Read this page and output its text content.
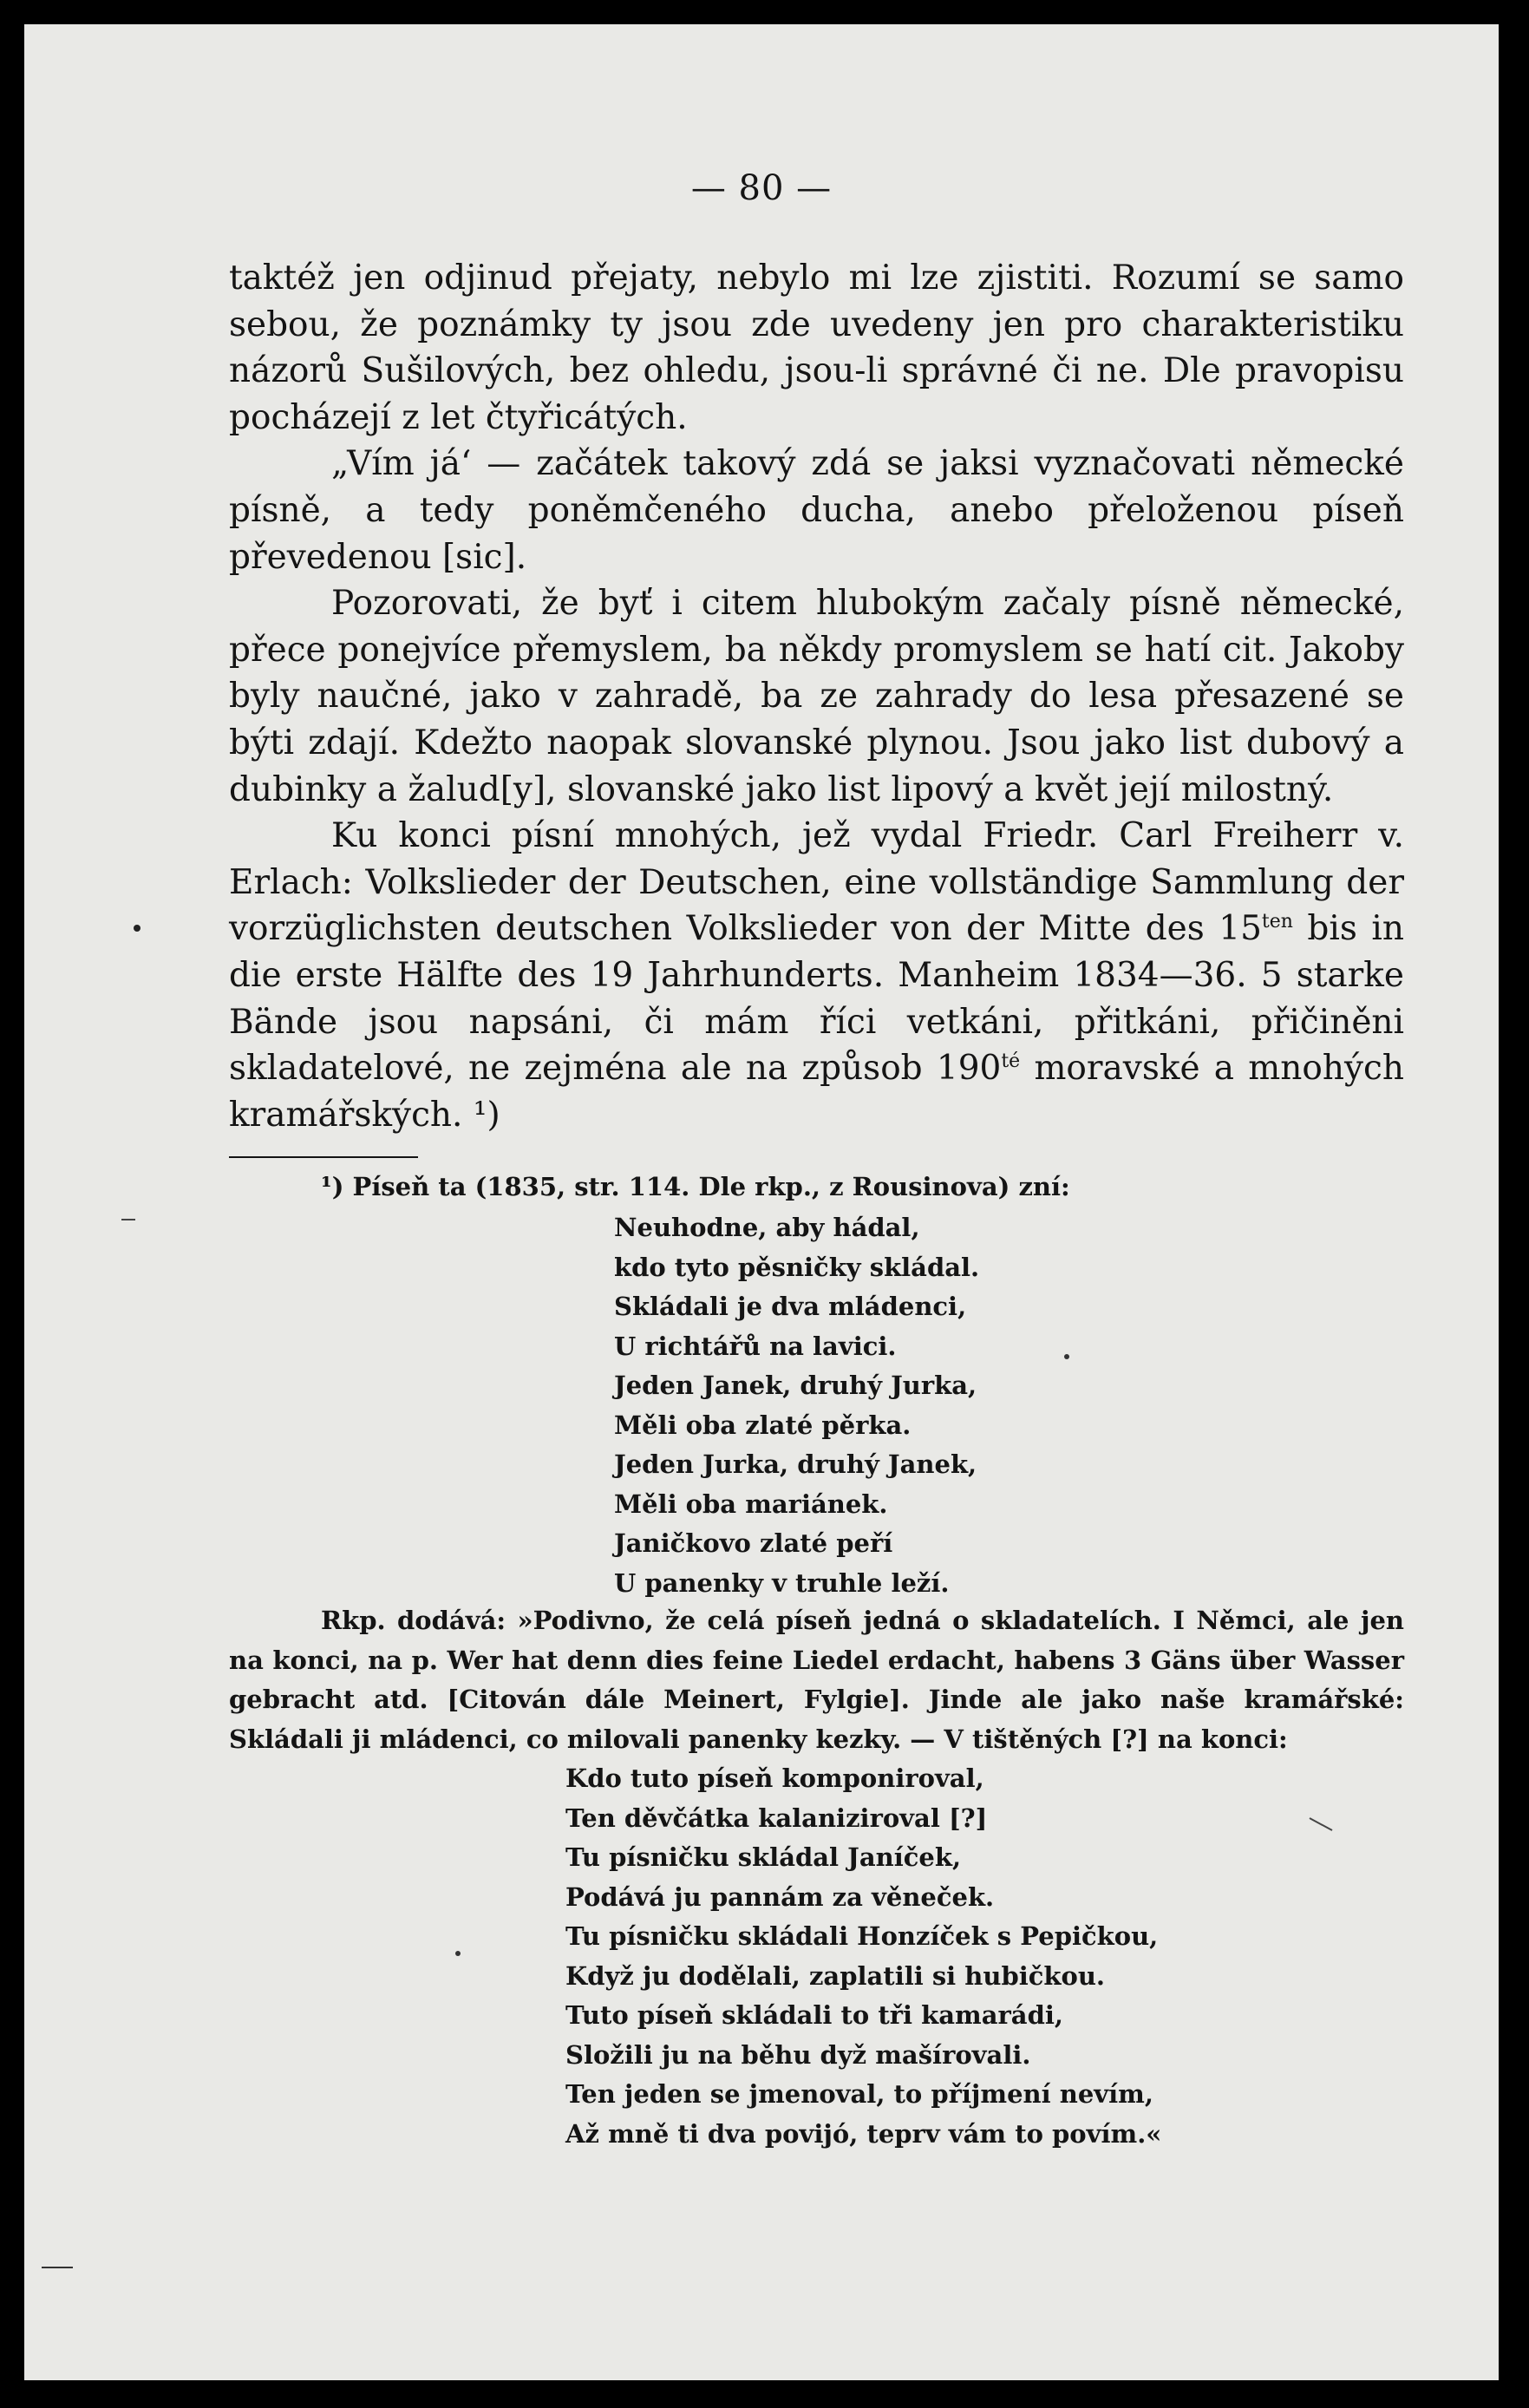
— 80 —

taktéž jen odjinud přejaty, nebylo mi lze zjistiti. Rozumí se samo sebou, že poznámky ty jsou zde uvedeny jen pro charakteristiku názorů Sušilových, bez ohledu, jsou-li správné či ne. Dle pravopisu pocházejí z let čtyřicátých.

„Vím já‘ — začátek takový zdá se jaksi vyznačovati německé písně, a tedy poněmčeného ducha, anebo přeloženou píseň převedenou [sic].

Pozorovati, že byť i citem hlubokým začaly písně německé, přece ponejvíce přemyslem, ba někdy promyslem se hatí cit. Jakoby byly naučné, jako v zahradě, ba ze zahrady do lesa přesazené se býti zdají. Kdežto naopak slovanské plynou. Jsou jako list dubový a dubinky a žalud[y], slovanské jako list lipový a květ její milostný.

Ku konci písní mnohých, jež vydal Friedr. Carl Freiherr v. Erlach: Volkslieder der Deutschen, eine vollständige Sammlung der vorzüglichsten deutschen Volkslieder von der Mitte des $15^{ten}$ bis in die erste Hälfte des 19 Jahrhunderts. Manheim 1834—36. 5 starke Bände jsou napsáni, či mám říci vetkáni, přitkáni, přičiněni skladatelové, ne zejména ale na způsob $190^{té}$ moravské a mnohých kramářských. ¹)

¹) Píseň ta (1835, str. 114. Dle rkp., z Rousinova) zní:
Neuhodne, aby hádal,
kdo tyto pěsničky skládal.
Skládali je dva mládenci,
U richtářů na lavici.
Jeden Janek, druhý Jurka,
Měli oba zlaté pěrka.
Jeden Jurka, druhý Janek,
Měli oba mariánek.
Janičkovo zlaté peří
U panenky v truhle leží.
Rkp. dodává: »Podivno, že celá píseň jedná o skladatelích. I Němci, ale jen na konci, na p. Wer hat denn dies feine Liedel erdacht, habens 3 Gäns über Wasser gebracht atd. [Citován dále Meinert, Fylgie]. Jinde ale jako naše kramářské: Skládali ji mládenci, co milovali panenky kezky. — V tištěných [?] na konci:
Kdo tuto píseň komponiroval,
Ten děvčátka kalaniziroval [?]
Tu písničku skládal Janíček,
Podává ju pannám za věneček.
Tu písničku skládali Honzíček s Pepičkou,
Když ju dodělali, zaplatili si hubičkou.
Tuto píseň skládali to tři kamarádi,
Složili ju na běhu dyž mašírovali.
Ten jeden se jmenoval, to příjmení nevím,
Až mně ti dva povijó, teprv vám to povím.«
